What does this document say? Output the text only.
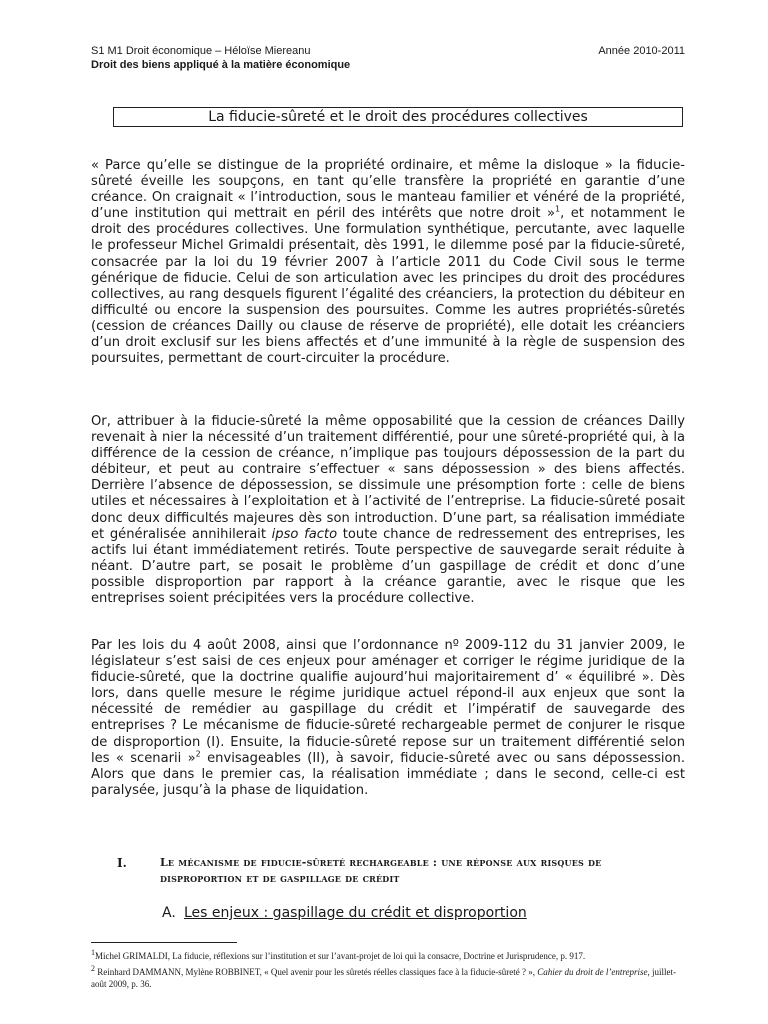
S1 M1 Droit économique – Héloïse Miereanu	Année 2010-2011
Droit des biens appliqué à la matière économique
La fiducie-sûreté et le droit des procédures collectives

« Parce qu’elle se distingue de la propriété ordinaire, et même la disloque » la fiducie-sûreté éveille les soupçons, en tant qu’elle transfère la propriété en garantie d’une créance. On craignait « l’introduction, sous le manteau familier et vénéré de la propriété, d’une institution qui mettrait en péril des intérêts que notre droit »$^1$, et notamment le droit des procédures collectives. Une formulation synthétique, percutante, avec laquelle le professeur Michel Grimaldi présentait, dès 1991, le dilemme posé par la fiducie-sûreté, consacrée par la loi du 19 février 2007 à l’article 2011 du Code Civil sous le terme générique de fiducie. Celui de son articulation avec les principes du droit des procédures collectives, au rang desquels figurent l’égalité des créanciers, la protection du débiteur en difficulté ou encore la suspension des poursuites. Comme les autres propriétés-sûretés (cession de créances Dailly ou clause de réserve de propriété), elle dotait les créanciers d’un droit exclusif sur les biens affectés et d’une immunité à la règle de suspension des poursuites, permettant de court-circuiter la procédure.

Or, attribuer à la fiducie-sûreté la même opposabilité que la cession de créances Dailly revenait à nier la nécessité d’un traitement différentié, pour une sûreté-propriété qui, à la différence de la cession de créance, n’implique pas toujours dépossession de la part du débiteur, et peut au contraire s’effectuer « sans dépossession » des biens affectés. Derrière l’absence de dépossession, se dissimule une présomption forte : celle de biens utiles et nécessaires à l’exploitation et à l’activité de l’entreprise. La fiducie-sûreté posait donc deux difficultés majeures dès son introduction. D’une part, sa réalisation immédiate et généralisée annihilerait ipso facto toute chance de redressement des entreprises, les actifs lui étant immédiatement retirés. Toute perspective de sauvegarde serait réduite à néant. D’autre part, se posait le problème d’un gaspillage de crédit et donc d’une possible disproportion par rapport à la créance garantie, avec le risque que les entreprises soient précipitées vers la procédure collective.

Par les lois du 4 août 2008, ainsi que l’ordonnance nº 2009-112 du 31 janvier 2009, le législateur s’est saisi de ces enjeux pour aménager et corriger le régime juridique de la fiducie-sûreté, que la doctrine qualifie aujourd’hui majoritairement d’ « équilibré ». Dès lors, dans quelle mesure le régime juridique actuel répond-il aux enjeux que sont la nécessité de remédier au gaspillage du crédit et l’impératif de sauvegarde des entreprises ? Le mécanisme de fiducie-sûreté rechargeable permet de conjurer le risque de disproportion (I). Ensuite, la fiducie-sûreté repose sur un traitement différentié selon les « scenarii »$^2$ envisageables (II), à savoir, fiducie-sûreté avec ou sans dépossession. Alors que dans le premier cas, la réalisation immédiate ; dans le second, celle-ci est paralysée, jusqu’à la phase de liquidation.

I.	Le mécanisme de fiducie-sûreté rechargeable : une réponse aux risques de disproportion et de gaspillage de crédit
A. Les enjeux : gaspillage du crédit et disproportion
$^1$Michel GRIMALDI, La fiducie, réflexions sur l’institution et sur l’avant-projet de loi qui la consacre, Doctrine et Jurisprudence, p. 917.
$^2$ Reinhard DAMMANN, Mylène ROBBINET, « Quel avenir pour les sûretés réelles classiques face à la fiducie-sûreté ? », Cahier du droit de l’entreprise, juillet-août 2009, p. 36.
